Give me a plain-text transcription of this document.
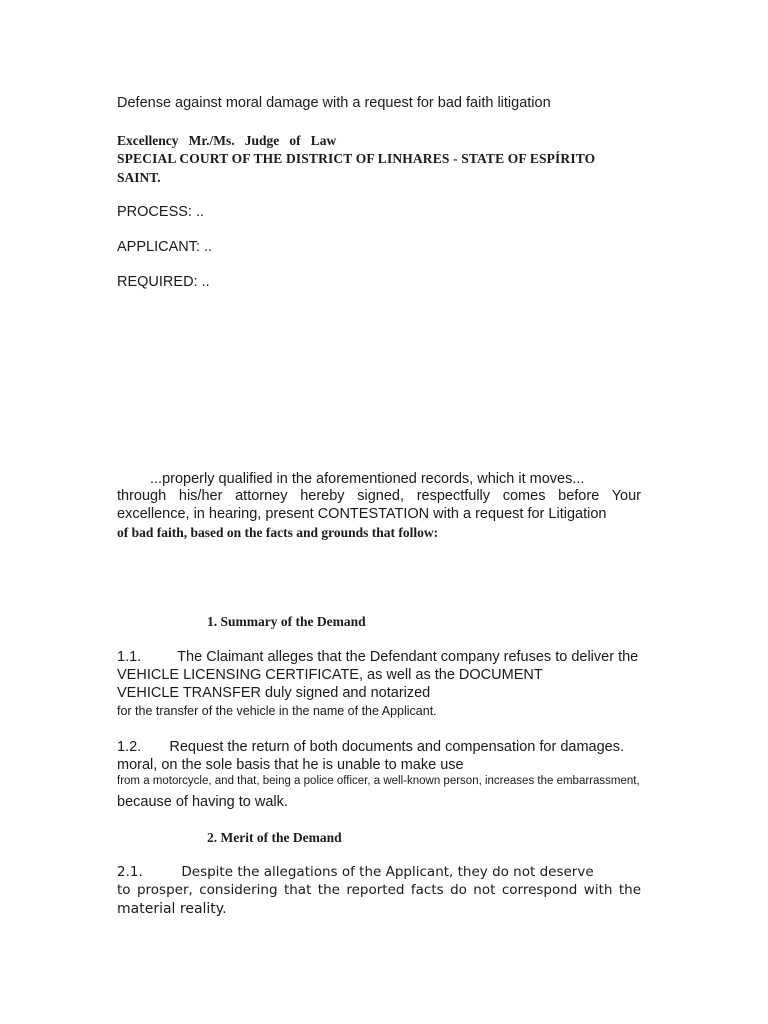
Defense against moral damage with a request for bad faith litigation

Excellency   Mr./Ms.   Judge   of   Law

SPECIAL COURT OF THE DISTRICT OF LINHARES - STATE OF ESPÍRITO

SAINT.

PROCESS: ..

APPLICANT: ..

REQUIRED: ..

...properly qualified in the aforementioned records, which it moves...

through his/her attorney hereby signed, respectfully comes before Your

excellence, in hearing, present CONTESTATION with a request for Litigation

of bad faith, based on the facts and grounds that follow:

1. Summary of the Demand

1.1.         The Claimant alleges that the Defendant company refuses to deliver the

VEHICLE LICENSING CERTIFICATE, as well as the DOCUMENT

VEHICLE TRANSFER duly signed and notarized

for the transfer of the vehicle in the name of the Applicant.

1.2.       Request the return of both documents and compensation for damages.

moral, on the sole basis that he is unable to make use

from a motorcycle, and that, being a police officer, a well-known person, increases the embarrassment,

because of having to walk.

2. Merit of the Demand

2.1.         Despite the allegations of the Applicant, they do not deserve

to prosper, considering that the reported facts do not correspond with the

material reality.
